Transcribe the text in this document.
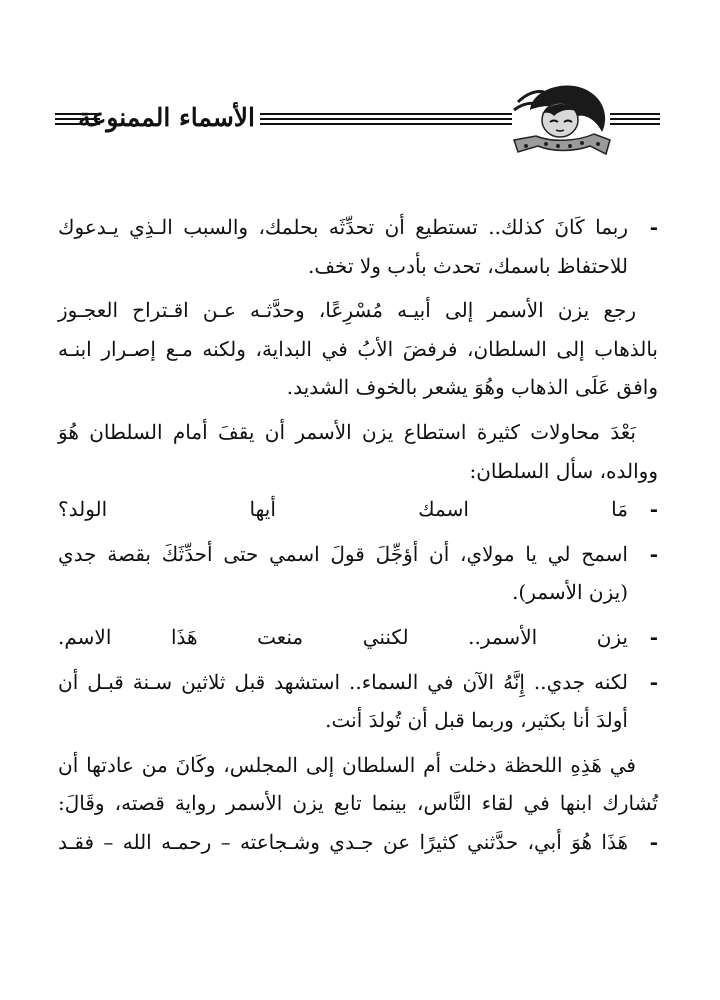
الأسماء الممنوعة
-
ربما كَانَ كذلك.. تستطيع أن تحدِّثَه بحلمك، والسبب الـذِي يـدعوك
للاحتفاظ باسمك، تحدث بأدب ولا تخف.
رجع يزن الأسمر إلى أبيـه مُسْرِعًا، وحدَّثـه عـن اقـتراح العجـوز
بالذهاب إلى السلطان، فرفضَ الأبُ في البداية، ولكنه مـع إصـرار ابنـه
وافق عَلَى الذهاب وهُوَ يشعر بالخوف الشديد.
بَعْدَ محاولات كثيرة استطاع يزن الأسمر أن يقفَ أمام السلطان هُوَ
ووالده، سأل السلطان:
-
مَا اسمك أيها الولد؟
-
اسمح لي يا مولاي، أن أؤجِّلَ قولَ اسمي حتى أحدِّثَكَ بقصة جدي
(يزن الأسمر).
-
يزن الأسمر.. لكنني منعت هَذَا الاسم.
-
لكنه جدي.. إِنَّهُ الآن في السماء.. استشهد قبل ثلاثين سـنة قبـل أن
أولدَ أنا بكثير، وربما قبل أن تُولدَ أنت.
في هَذِهِ اللحظة دخلت أم السلطان إلى المجلس، وكَانَ من عادتها أن
تُشارك ابنها في لقاء النَّاس، بينما تابع يزن الأسمر رواية قصته، وقَالَ:
-
هَذَا هُوَ أبي، حدَّثني كثيرًا عن جـدي وشـجاعته – رحمـه الله – فقـد
